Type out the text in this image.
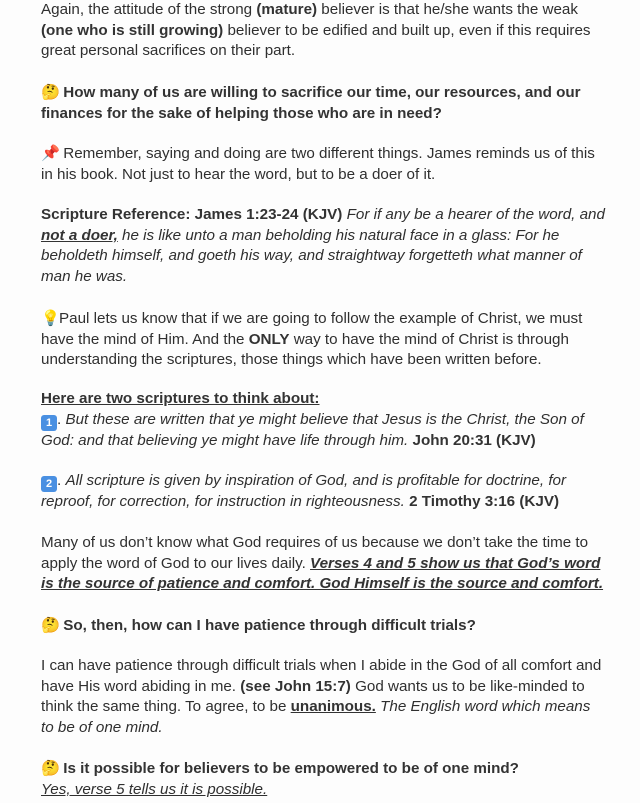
Again, the attitude of the strong (mature) believer is that he/she wants the weak (one who is still growing) believer to be edified and built up, even if this requires great personal sacrifices on their part.

🤔 How many of us are willing to sacrifice our time, our resources, and our finances for the sake of helping those who are in need?

📌 Remember, saying and doing are two different things. James reminds us of this in his book. Not just to hear the word, but to be a doer of it.

Scripture Reference: James 1:23-24 (KJV) For if any be a hearer of the word, and not a doer, he is like unto a man beholding his natural face in a glass: For he beholdeth himself, and goeth his way, and straightway forgetteth what manner of man he was.

💡Paul lets us know that if we are going to follow the example of Christ, we must have the mind of Him. And the ONLY way to have the mind of Christ is through understanding the scriptures, those things which have been written before.

Here are two scriptures to think about:
1 . But these are written that ye might believe that Jesus is the Christ, the Son of God: and that believing ye might have life through him. John 20:31 (KJV)

2 . All scripture is given by inspiration of God, and is profitable for doctrine, for reproof, for correction, for instruction in righteousness. 2 Timothy 3:16 (KJV)

Many of us don’t know what God requires of us because we don’t take the time to apply the word of God to our lives daily. Verses 4 and 5 show us that God’s word is the source of patience and comfort. God Himself is the source and comfort.

🤔 So, then, how can I have patience through difficult trials?

I can have patience through difficult trials when I abide in the God of all comfort and have His word abiding in me. (see John 15:7) God wants us to be like-minded to think the same thing. To agree, to be unanimous. The English word which means to be of one mind.

🤔 Is it possible for believers to be empowered to be of one mind?
Yes, verse 5 tells us it is possible.
